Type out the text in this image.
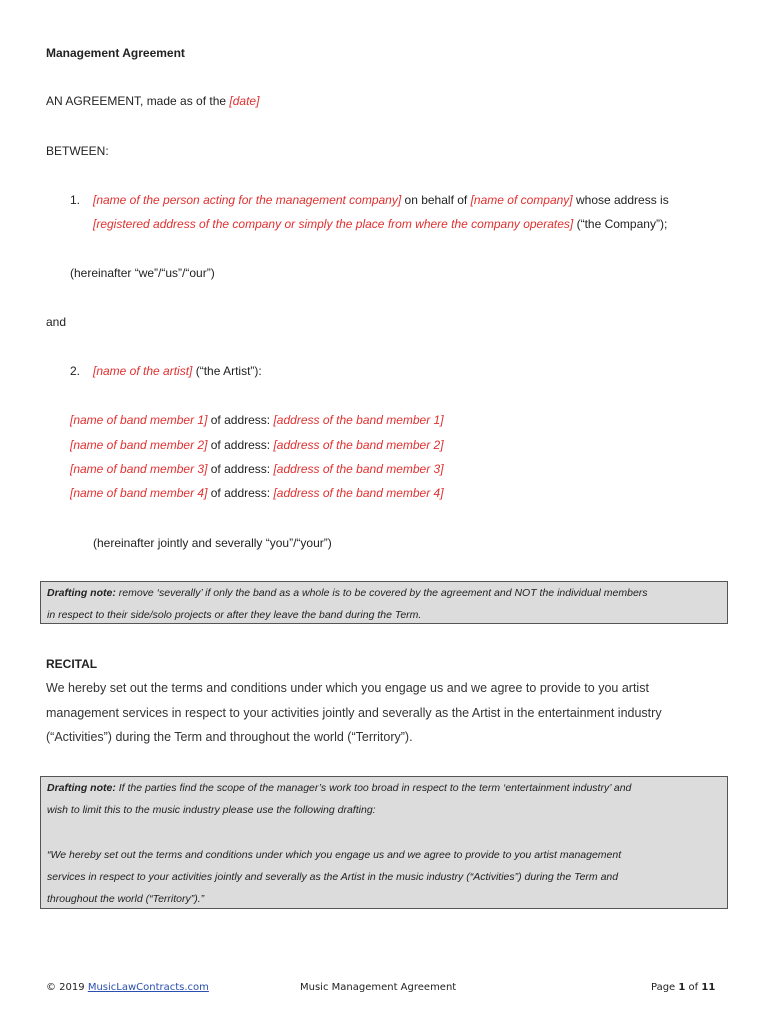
Management Agreement
AN AGREEMENT, made as of the [date]
BETWEEN:
1. [name of the person acting for the management company] on behalf of [name of company] whose address is
[registered address of the company or simply the place from where the company operates] (“the Company”);
(hereinafter “we”/“us”/“our”)
and
2. [name of the artist] (“the Artist”):
[name of band member 1] of address: [address of the band member 1]
[name of band member 2] of address: [address of the band member 2]
[name of band member 3] of address: [address of the band member 3]
[name of band member 4] of address: [address of the band member 4]
(hereinafter jointly and severally “you”/“your”)
Drafting note: remove ‘severally’ if only the band as a whole is to be covered by the agreement and NOT the individual members
in respect to their side/solo projects or after they leave the band during the Term.
RECITAL
We hereby set out the terms and conditions under which you engage us and we agree to provide to you artist
management services in respect to your activities jointly and severally as the Artist in the entertainment industry
(“Activities”) during the Term and throughout the world (“Territory”).
Drafting note: If the parties find the scope of the manager’s work too broad in respect to the term ‘entertainment industry’ and
wish to limit this to the music industry please use the following drafting:
“We hereby set out the terms and conditions under which you engage us and we agree to provide to you artist management
services in respect to your activities jointly and severally as the Artist in the music industry (“Activities”) during the Term and
throughout the world (“Territory”).”
© 2019 MusicLawContracts.com	Music Management Agreement	Page 1 of 11
